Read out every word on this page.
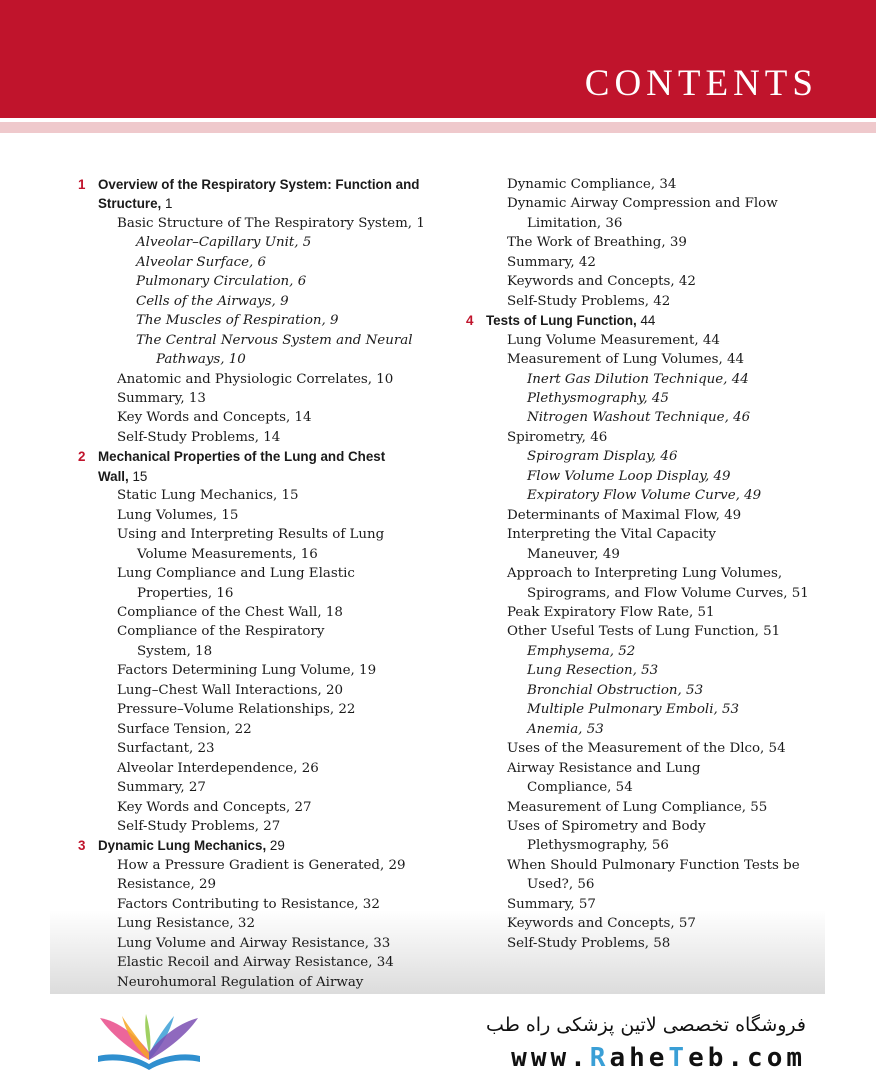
CONTENTS
1 Overview of the Respiratory System: Function and
Structure, 1
Basic Structure of The Respiratory System, 1
Alveolar–Capillary Unit, 5
Alveolar Surface, 6
Pulmonary Circulation, 6
Cells of the Airways, 9
The Muscles of Respiration, 9
The Central Nervous System and Neural
Pathways, 10
Anatomic and Physiologic Correlates, 10
Summary, 13
Key Words and Concepts, 14
Self-Study Problems, 14
2 Mechanical Properties of the Lung and Chest
Wall, 15
Static Lung Mechanics, 15
Lung Volumes, 15
Using and Interpreting Results of Lung
Volume Measurements, 16
Lung Compliance and Lung Elastic
Properties, 16
Compliance of the Chest Wall, 18
Compliance of the Respiratory
System, 18
Factors Determining Lung Volume, 19
Lung–Chest Wall Interactions, 20
Pressure–Volume Relationships, 22
Surface Tension, 22
Surfactant, 23
Alveolar Interdependence, 26
Summary, 27
Key Words and Concepts, 27
Self-Study Problems, 27
3 Dynamic Lung Mechanics, 29
How a Pressure Gradient is Generated, 29
Resistance, 29
Factors Contributing to Resistance, 32
Lung Resistance, 32
Lung Volume and Airway Resistance, 33
Elastic Recoil and Airway Resistance, 34
Neurohumoral Regulation of Airway
Dynamic Compliance, 34
Dynamic Airway Compression and Flow
Limitation, 36
The Work of Breathing, 39
Summary, 42
Keywords and Concepts, 42
Self-Study Problems, 42
4 Tests of Lung Function, 44
Lung Volume Measurement, 44
Measurement of Lung Volumes, 44
Inert Gas Dilution Technique, 44
Plethysmography, 45
Nitrogen Washout Technique, 46
Spirometry, 46
Spirogram Display, 46
Flow Volume Loop Display, 49
Expiratory Flow Volume Curve, 49
Determinants of Maximal Flow, 49
Interpreting the Vital Capacity
Maneuver, 49
Approach to Interpreting Lung Volumes,
Spirograms, and Flow Volume Curves, 51
Peak Expiratory Flow Rate, 51
Other Useful Tests of Lung Function, 51
Emphysema, 52
Lung Resection, 53
Bronchial Obstruction, 53
Multiple Pulmonary Emboli, 53
Anemia, 53
Uses of the Measurement of the Dlco, 54
Airway Resistance and Lung
Compliance, 54
Measurement of Lung Compliance, 55
Uses of Spirometry and Body
Plethysmography, 56
When Should Pulmonary Function Tests be
Used?, 56
Summary, 57
Keywords and Concepts, 57
Self-Study Problems, 58
فروشگاه تخصصی لاتین پزشکی راه طب
www.RaheTeb.com
